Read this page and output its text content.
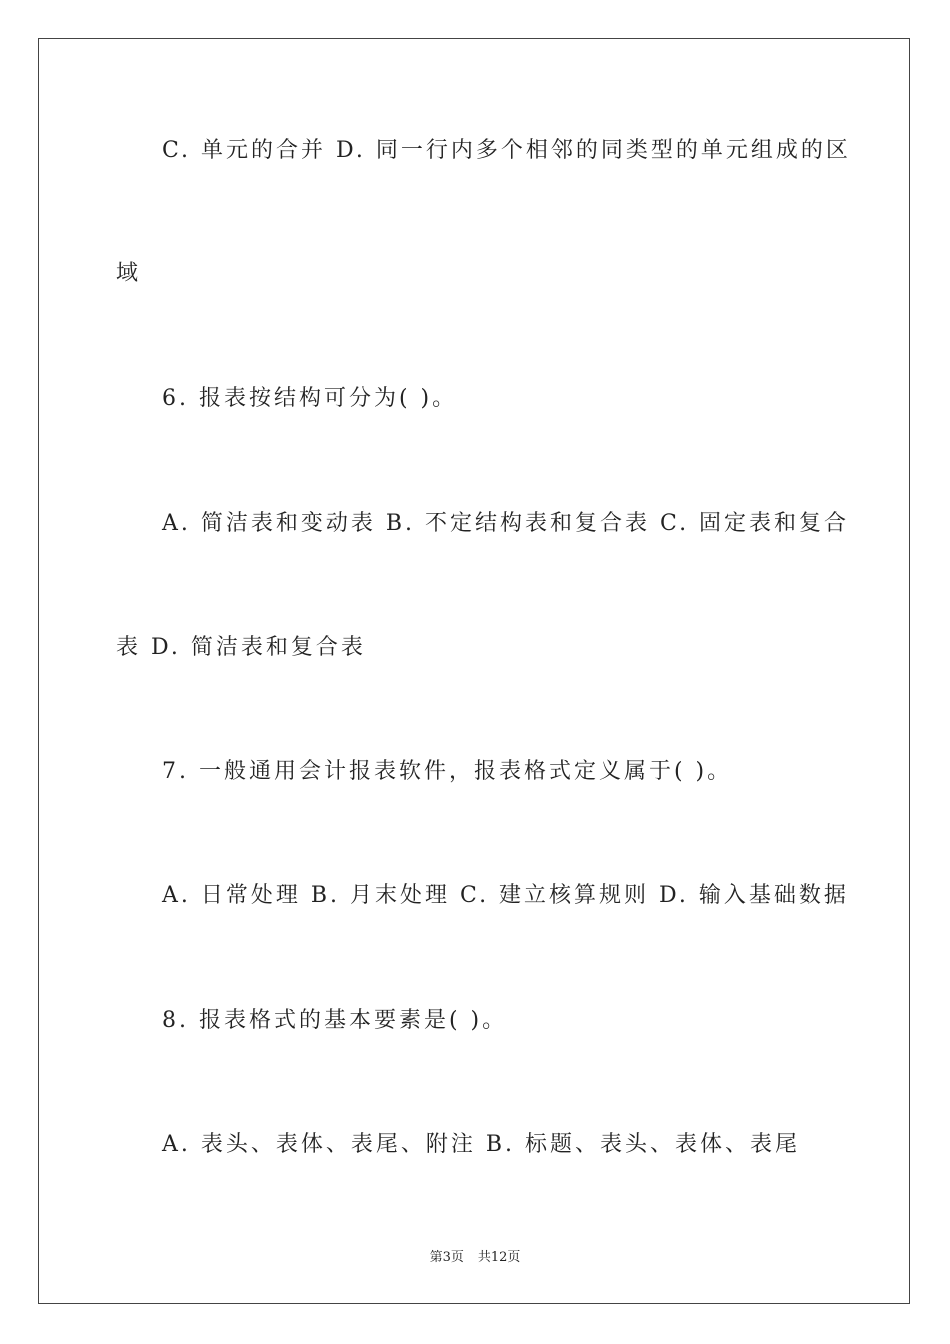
C. 单元的合并 D. 同一行内多个相邻的同类型的单元组成的区
域
6. 报表按结构可分为( )。
A. 简洁表和变动表 B. 不定结构表和复合表 C. 固定表和复合
表 D. 简洁表和复合表
7. 一般通用会计报表软件，报表格式定义属于( )。
A. 日常处理 B. 月末处理 C. 建立核算规则 D. 输入基础数据
8. 报表格式的基本要素是( )。
A. 表头、表体、表尾、附注 B. 标题、表头、表体、表尾
第3页 共12页
